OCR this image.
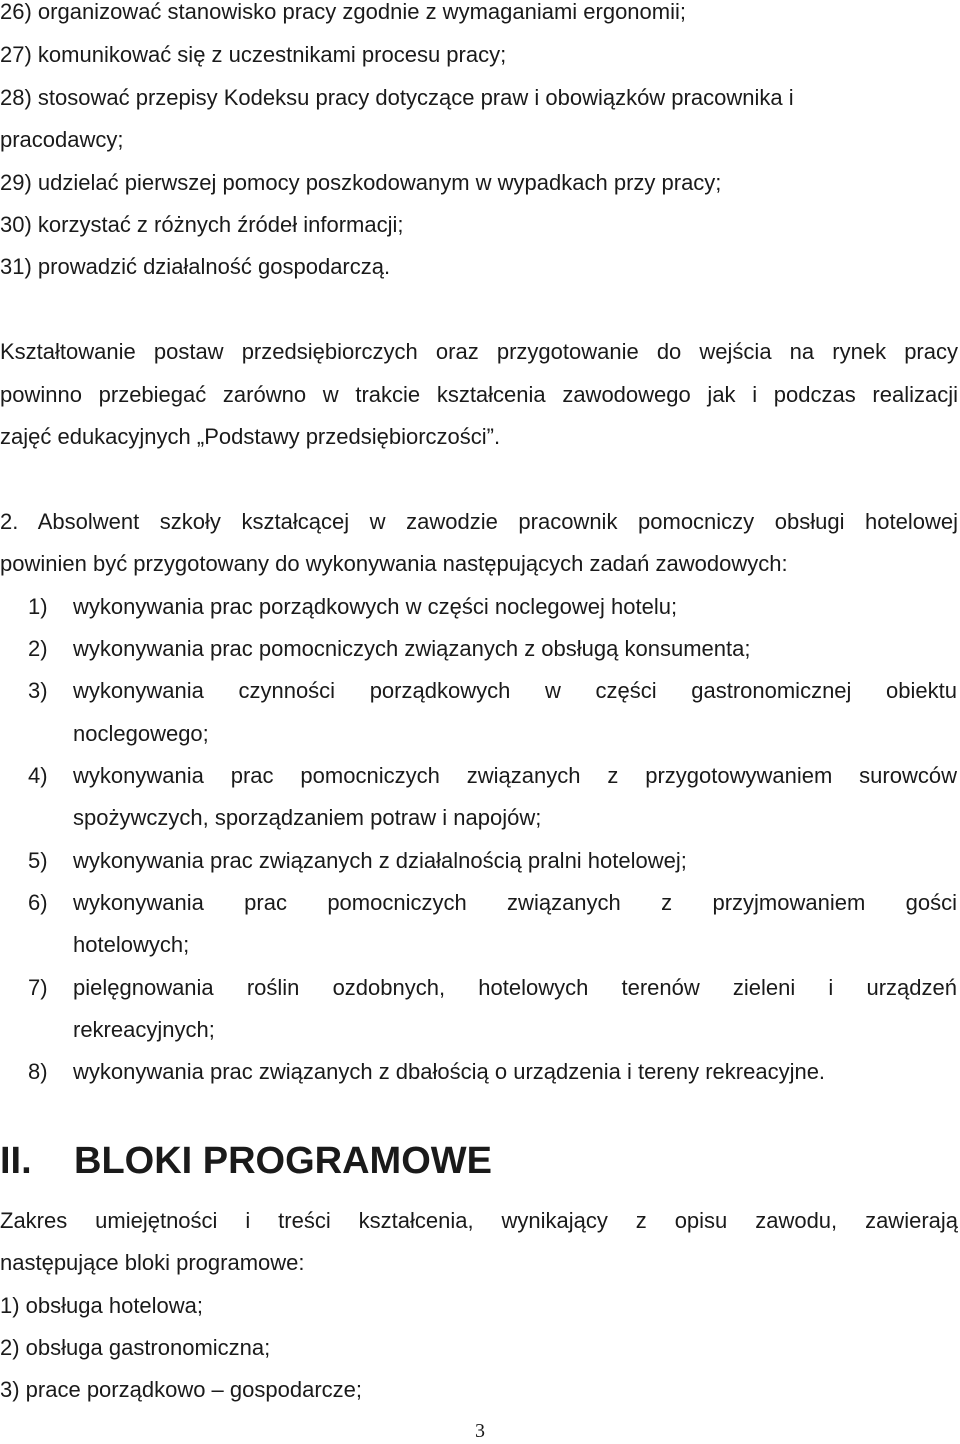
26) organizować stanowisko pracy zgodnie z wymaganiami ergonomii;
27) komunikować się z uczestnikami procesu pracy;
28) stosować przepisy Kodeksu pracy dotyczące praw i obowiązków pracownika i
pracodawcy;
29) udzielać pierwszej pomocy poszkodowanym w wypadkach przy pracy;
30) korzystać z różnych źródeł informacji;
31) prowadzić działalność gospodarczą.
Kształtowanie postaw przedsiębiorczych oraz przygotowanie do wejścia na rynek pracy
powinno przebiegać zarówno w trakcie kształcenia zawodowego jak i podczas realizacji
zajęć edukacyjnych „Podstawy przedsiębiorczości”.
2. Absolwent szkoły kształcącej w zawodzie pracownik pomocniczy obsługi hotelowej
powinien być przygotowany do wykonywania następujących zadań zawodowych:
1) wykonywania prac porządkowych w części noclegowej hotelu;
2) wykonywania prac pomocniczych związanych z obsługą konsumenta;
3) wykonywania czynności porządkowych w części gastronomicznej obiektu
noclegowego;
4) wykonywania prac pomocniczych związanych z przygotowywaniem surowców
spożywczych, sporządzaniem potraw i napojów;
5) wykonywania prac związanych z działalnością pralni hotelowej;
6) wykonywania prac pomocniczych związanych z przyjmowaniem gości
hotelowych;
7) pielęgnowania roślin ozdobnych, hotelowych terenów zieleni i urządzeń
rekreacyjnych;
8) wykonywania prac związanych z dbałością o urządzenia i tereny rekreacyjne.
II. BLOKI PROGRAMOWE
Zakres umiejętności i treści kształcenia, wynikający z opisu zawodu, zawierają
następujące bloki programowe:
1) obsługa hotelowa;
2) obsługa gastronomiczna;
3) prace porządkowo – gospodarcze;
3
